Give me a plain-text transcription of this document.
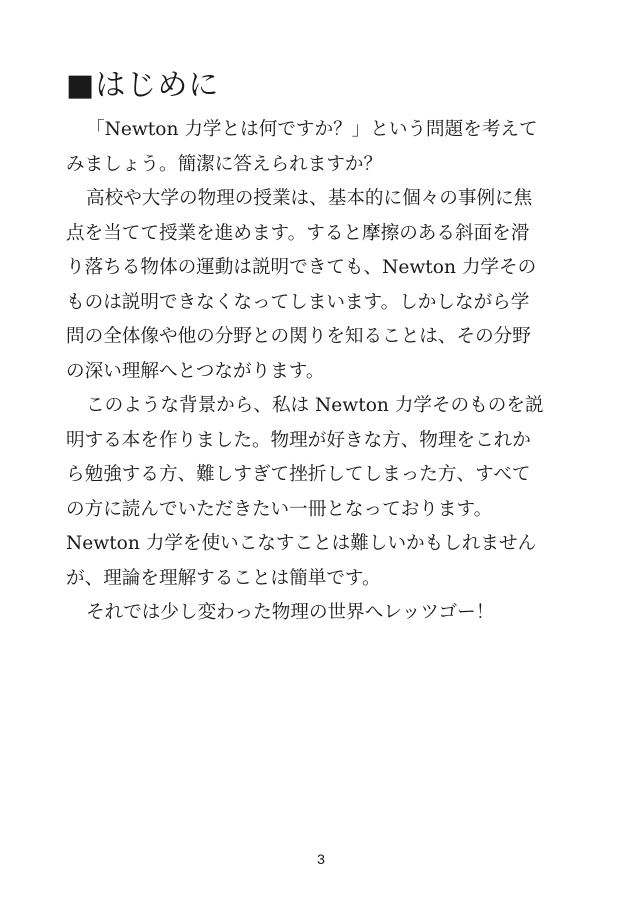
■はじめに
「Newton 力学とは何ですか？」という問題を考えて
みましょう。簡潔に答えられますか？
高校や大学の物理の授業は、基本的に個々の事例に焦
点を当てて授業を進めます。すると摩擦のある斜面を滑
り落ちる物体の運動は説明できても、Newton 力学その
ものは説明できなくなってしまいます。しかしながら学
問の全体像や他の分野との関りを知ることは、その分野
の深い理解へとつながります。
このような背景から、私は Newton 力学そのものを説
明する本を作りました。物理が好きな方、物理をこれか
ら勉強する方、難しすぎて挫折してしまった方、すべて
の方に読んでいただきたい一冊となっております。
Newton 力学を使いこなすことは難しいかもしれません
が、理論を理解することは簡単です。
それでは少し変わった物理の世界へレッツゴー！
3
